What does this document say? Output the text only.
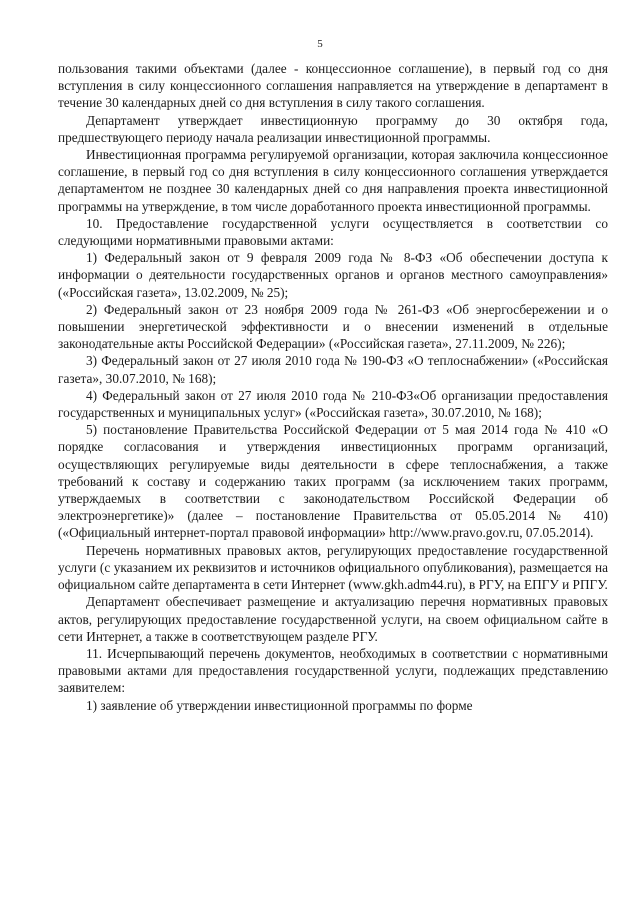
5

пользования такими объектами (далее - концессионное соглашение), в первый год со дня вступления в силу концессионного соглашения направляется на утверждение в департамент в течение 30 календарных дней со дня вступления в силу такого соглашения.

Департамент утверждает инвестиционную программу до 30 октября года, предшествующего периоду начала реализации инвестиционной программы.

Инвестиционная программа регулируемой организации, которая заключила концессионное соглашение, в первый год со дня вступления в силу концессионного соглашения утверждается департаментом не позднее 30 календарных дней со дня направления проекта инвестиционной программы на утверждение, в том числе доработанного проекта инвестиционной программы.

10. Предоставление государственной услуги осуществляется в соответствии со следующими нормативными правовыми актами:

1) Федеральный закон от 9 февраля 2009 года № 8-ФЗ «Об обеспечении доступа к информации о деятельности государственных органов и органов местного самоуправления» («Российская газета», 13.02.2009, № 25);

2) Федеральный закон от 23 ноября 2009 года № 261-ФЗ «Об энергосбережении и о повышении энергетической эффективности и о внесении изменений в отдельные законодательные акты Российской Федерации» («Российская газета», 27.11.2009, № 226);

3) Федеральный закон от 27 июля 2010 года № 190-ФЗ «О теплоснабжении» («Российская газета», 30.07.2010, № 168);

4) Федеральный закон от 27 июля 2010 года № 210-ФЗ«Об организации предоставления государственных и муниципальных услуг» («Российская газета», 30.07.2010, № 168);

5) постановление Правительства Российской Федерации от 5 мая 2014 года № 410 «О порядке согласования и утверждения инвестиционных программ организаций, осуществляющих регулируемые виды деятельности в сфере теплоснабжения, а также требований к составу и содержанию таких программ (за исключением таких программ, утверждаемых в соответствии с законодательством Российской Федерации об электроэнергетике)» (далее – постановление Правительства от 05.05.2014 № 410) («Официальный интернет-портал правовой информации» http://www.pravo.gov.ru, 07.05.2014).

Перечень нормативных правовых актов, регулирующих предоставление государственной услуги (с указанием их реквизитов и источников официального опубликования), размещается на официальном сайте департамента в сети Интернет (www.gkh.adm44.ru), в РГУ, на ЕПГУ и РПГУ.

Департамент обеспечивает размещение и актуализацию перечня нормативных правовых актов, регулирующих предоставление государственной услуги, на своем официальном сайте в сети Интернет, а также в соответствующем разделе РГУ.

11. Исчерпывающий перечень документов, необходимых в соответствии с нормативными правовыми актами для предоставления государственной услуги, подлежащих представлению заявителем:

1) заявление об утверждении инвестиционной программы по форме
